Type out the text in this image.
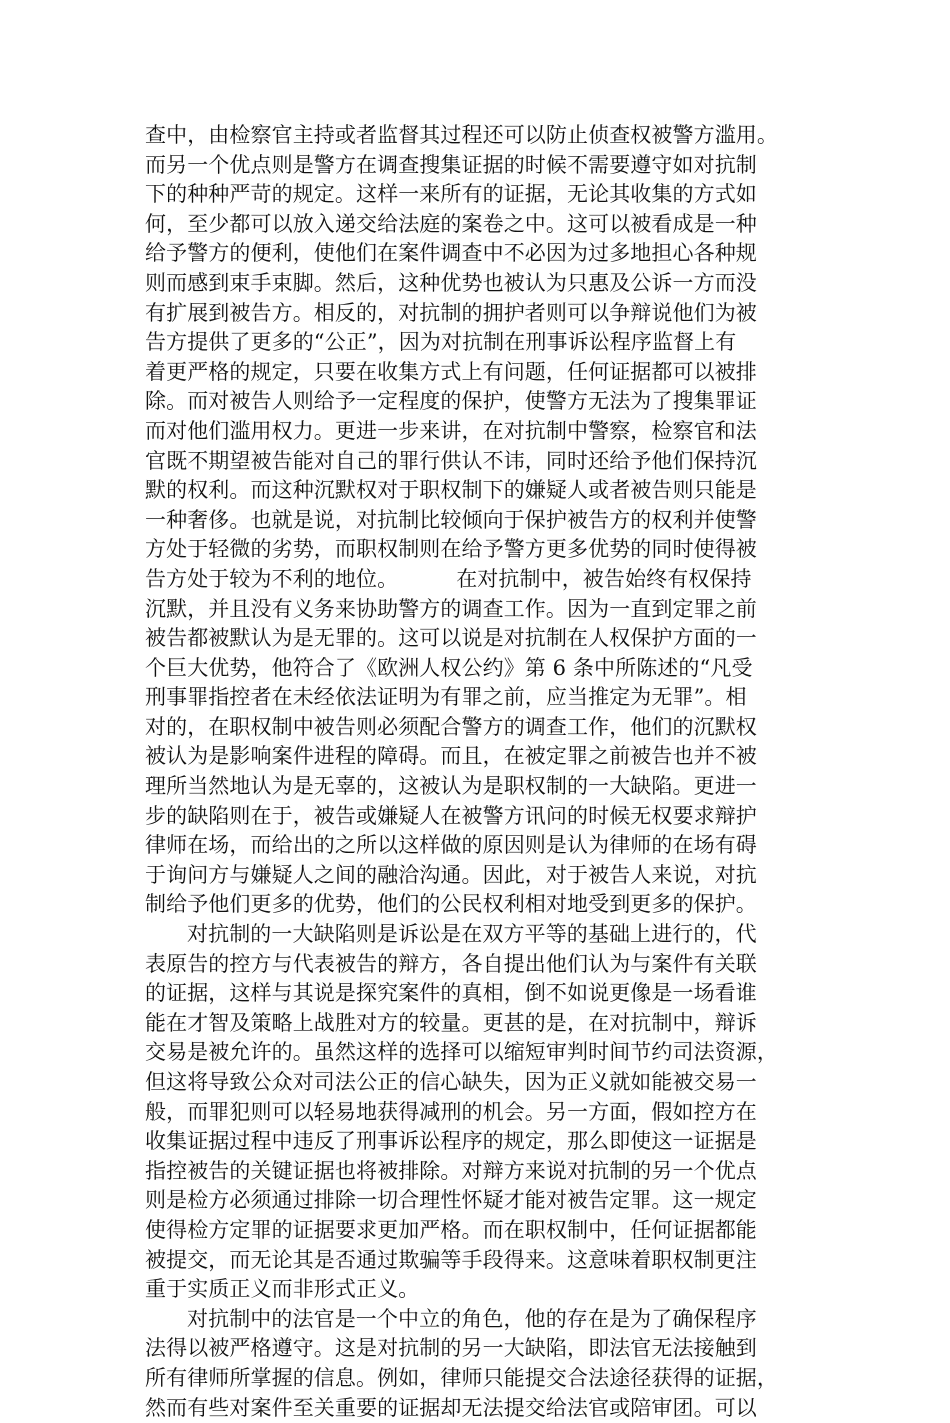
查中，由检察官主持或者监督其过程还可以防止侦查权被警方滥用。
而另一个优点则是警方在调查搜集证据的时候不需要遵守如对抗制
下的种种严苛的规定。这样一来所有的证据，无论其收集的方式如
何，至少都可以放入递交给法庭的案卷之中。这可以被看成是一种
给予警方的便利，使他们在案件调查中不必因为过多地担心各种规
则而感到束手束脚。然后，这种优势也被认为只惠及公诉一方而没
有扩展到被告方。相反的，对抗制的拥护者则可以争辩说他们为被
告方提供了更多的“公正”，因为对抗制在刑事诉讼程序监督上有
着更严格的规定，只要在收集方式上有问题，任何证据都可以被排
除。而对被告人则给予一定程度的保护，使警方无法为了搜集罪证
而对他们滥用权力。更进一步来讲，在对抗制中警察，检察官和法
官既不期望被告能对自己的罪行供认不讳，同时还给予他们保持沉
默的权利。而这种沉默权对于职权制下的嫌疑人或者被告则只能是
一种奢侈。也就是说，对抗制比较倾向于保护被告方的权利并使警
方处于轻微的劣势，而职权制则在给予警方更多优势的同时使得被
告方处于较为不利的地位。	在对抗制中，被告始终有权保持
沉默，并且没有义务来协助警方的调查工作。因为一直到定罪之前
被告都被默认为是无罪的。这可以说是对抗制在人权保护方面的一
个巨大优势，他符合了《欧洲人权公约》第 6 条中所陈述的“凡受
刑事罪指控者在未经依法证明为有罪之前，应当推定为无罪”。相
对的，在职权制中被告则必须配合警方的调查工作，他们的沉默权
被认为是影响案件进程的障碍。而且，在被定罪之前被告也并不被
理所当然地认为是无辜的，这被认为是职权制的一大缺陷。更进一
步的缺陷则在于，被告或嫌疑人在被警方讯问的时候无权要求辩护
律师在场，而给出的之所以这样做的原因则是认为律师的在场有碍
于询问方与嫌疑人之间的融洽沟通。因此，对于被告人来说，对抗
制给予他们更多的优势，他们的公民权利相对地受到更多的保护。
对抗制的一大缺陷则是诉讼是在双方平等的基础上进行的，代
表原告的控方与代表被告的辩方，各自提出他们认为与案件有关联
的证据，这样与其说是探究案件的真相，倒不如说更像是一场看谁
能在才智及策略上战胜对方的较量。更甚的是，在对抗制中，辩诉
交易是被允许的。虽然这样的选择可以缩短审判时间节约司法资源，
但这将导致公众对司法公正的信心缺失，因为正义就如能被交易一
般，而罪犯则可以轻易地获得减刑的机会。另一方面，假如控方在
收集证据过程中违反了刑事诉讼程序的规定，那么即使这一证据是
指控被告的关键证据也将被排除。对辩方来说对抗制的另一个优点
则是检方必须通过排除一切合理性怀疑才能对被告定罪。这一规定
使得检方定罪的证据要求更加严格。而在职权制中，任何证据都能
被提交，而无论其是否通过欺骗等手段得来。这意味着职权制更注
重于实质正义而非形式正义。
对抗制中的法官是一个中立的角色，他的存在是为了确保程序
法得以被严格遵守。这是对抗制的另一大缺陷，即法官无法接触到
所有律师所掌握的信息。例如，律师只能提交合法途径获得的证据，
然而有些对案件至关重要的证据却无法提交给法官或陪审团。可以
